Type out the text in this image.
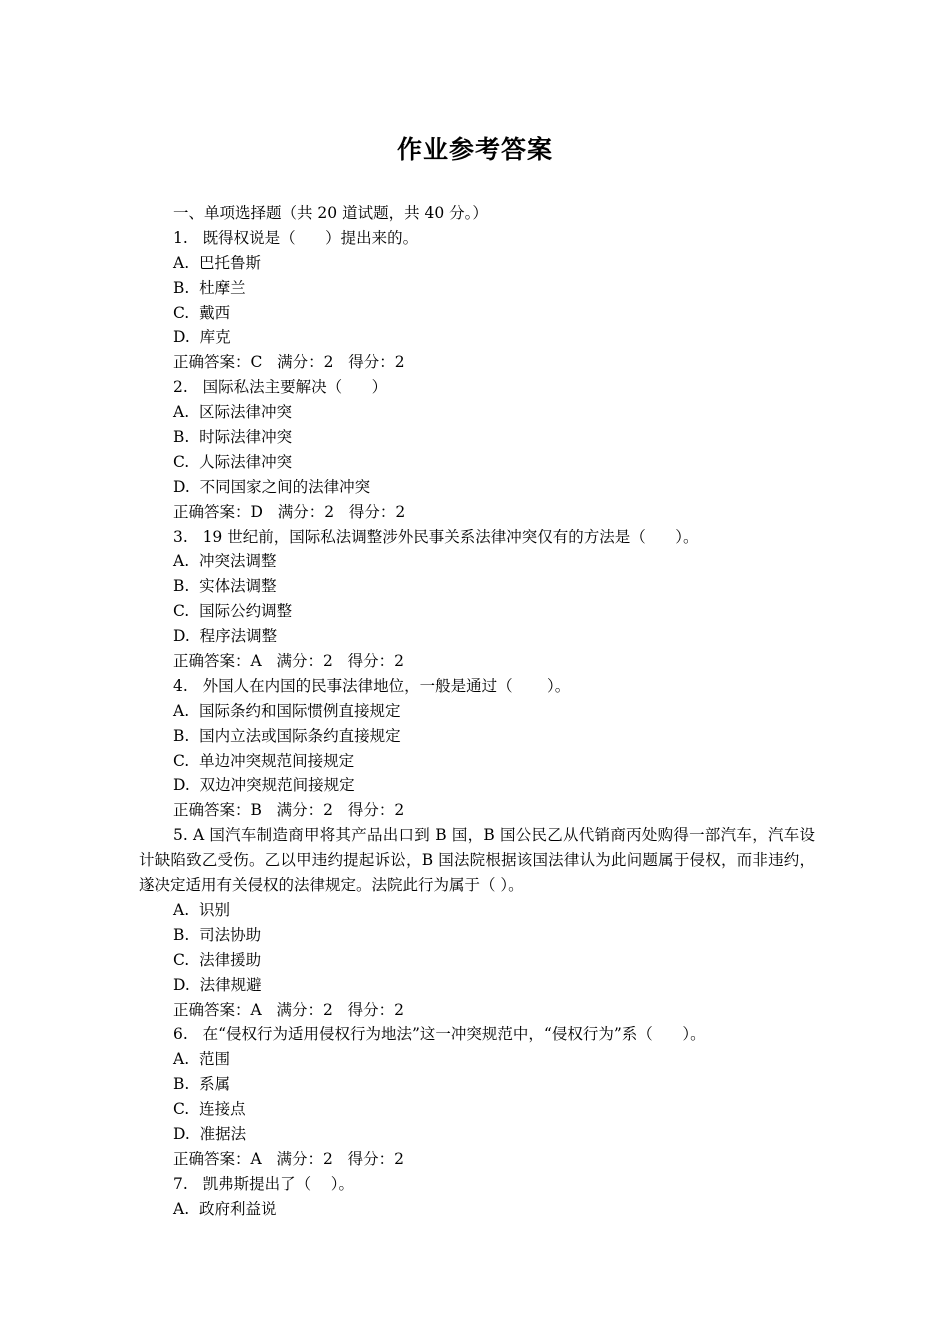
作业参考答案
一、单项选择题（共 20 道试题，共 40 分。）
1.   既得权说是（      ）提出来的。
A.  巴托鲁斯
B.  杜摩兰
C.  戴西
D.  库克
正确答案：C   满分：2   得分：2
2.   国际私法主要解决（      ）
A.  区际法律冲突
B.  时际法律冲突
C.  人际法律冲突
D.  不同国家之间的法律冲突
正确答案：D   满分：2   得分：2
3.   19 世纪前，国际私法调整涉外民事关系法律冲突仅有的方法是（      ）。
A.  冲突法调整
B.  实体法调整
C.  国际公约调整
D.  程序法调整
正确答案：A   满分：2   得分：2
4.   外国人在内国的民事法律地位，一般是通过（       ）。
A.  国际条约和国际惯例直接规定
B.  国内立法或国际条约直接规定
C.  单边冲突规范间接规定
D.  双边冲突规范间接规定
正确答案：B   满分：2   得分：2
5. A 国汽车制造商甲将其产品出口到 B 国，B 国公民乙从代销商丙处购得一部汽车，汽车设计缺陷致乙受伤。乙以甲违约提起诉讼，B 国法院根据该国法律认为此问题属于侵权，而非违约，遂决定适用有关侵权的法律规定。法院此行为属于（ ）。
A.  识别
B.  司法协助
C.  法律援助
D.  法律规避
正确答案：A   满分：2   得分：2
6.   在“侵权行为适用侵权行为地法”这一冲突规范中，“侵权行为”系（      ）。
A.  范围
B.  系属
C.  连接点
D.  准据法
正确答案：A   满分：2   得分：2
7.   凯弗斯提出了（    ）。
A.  政府利益说
